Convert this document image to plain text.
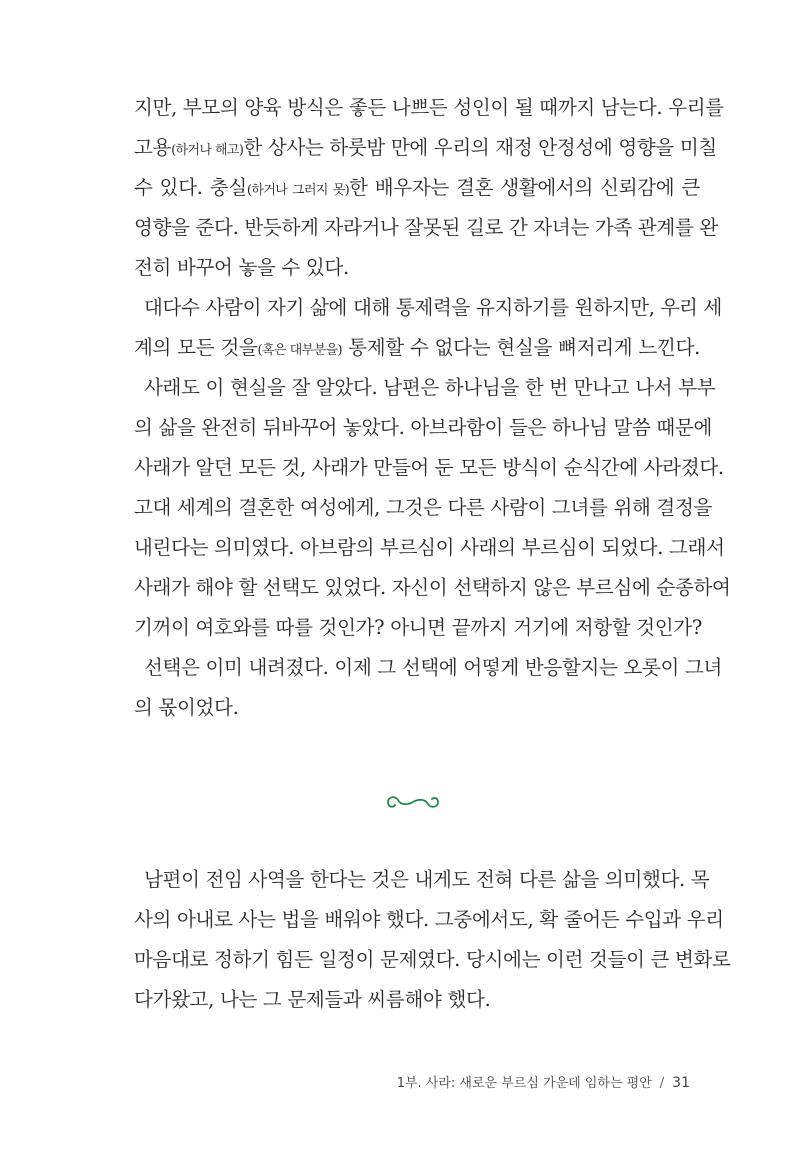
지만, 부모의 양육 방식은 좋든 나쁘든 성인이 될 때까지 남는다. 우리를
고용(하거나 해고)한 상사는 하룻밤 만에 우리의 재정 안정성에 영향을 미칠
수 있다. 충실(하거나 그러지 못)한 배우자는 결혼 생활에서의 신뢰감에 큰
영향을 준다. 반듯하게 자라거나 잘못된 길로 간 자녀는 가족 관계를 완
전히 바꾸어 놓을 수 있다.
대다수 사람이 자기 삶에 대해 통제력을 유지하기를 원하지만, 우리 세
계의 모든 것을(혹은 대부분을) 통제할 수 없다는 현실을 뼈저리게 느낀다.
사래도 이 현실을 잘 알았다. 남편은 하나님을 한 번 만나고 나서 부부
의 삶을 완전히 뒤바꾸어 놓았다. 아브라함이 들은 하나님 말씀 때문에
사래가 알던 모든 것, 사래가 만들어 둔 모든 방식이 순식간에 사라졌다.
고대 세계의 결혼한 여성에게, 그것은 다른 사람이 그녀를 위해 결정을
내린다는 의미였다. 아브람의 부르심이 사래의 부르심이 되었다. 그래서
사래가 해야 할 선택도 있었다. 자신이 선택하지 않은 부르심에 순종하여
기꺼이 여호와를 따를 것인가? 아니면 끝까지 거기에 저항할 것인가?
선택은 이미 내려졌다. 이제 그 선택에 어떻게 반응할지는 오롯이 그녀
의 몫이었다.
남편이 전임 사역을 한다는 것은 내게도 전혀 다른 삶을 의미했다. 목
사의 아내로 사는 법을 배워야 했다. 그중에서도, 확 줄어든 수입과 우리
마음대로 정하기 힘든 일정이 문제였다. 당시에는 이런 것들이 큰 변화로
다가왔고, 나는 그 문제들과 씨름해야 했다.
1부. 사라: 새로운 부르심 가운데 임하는 평안 / 31
